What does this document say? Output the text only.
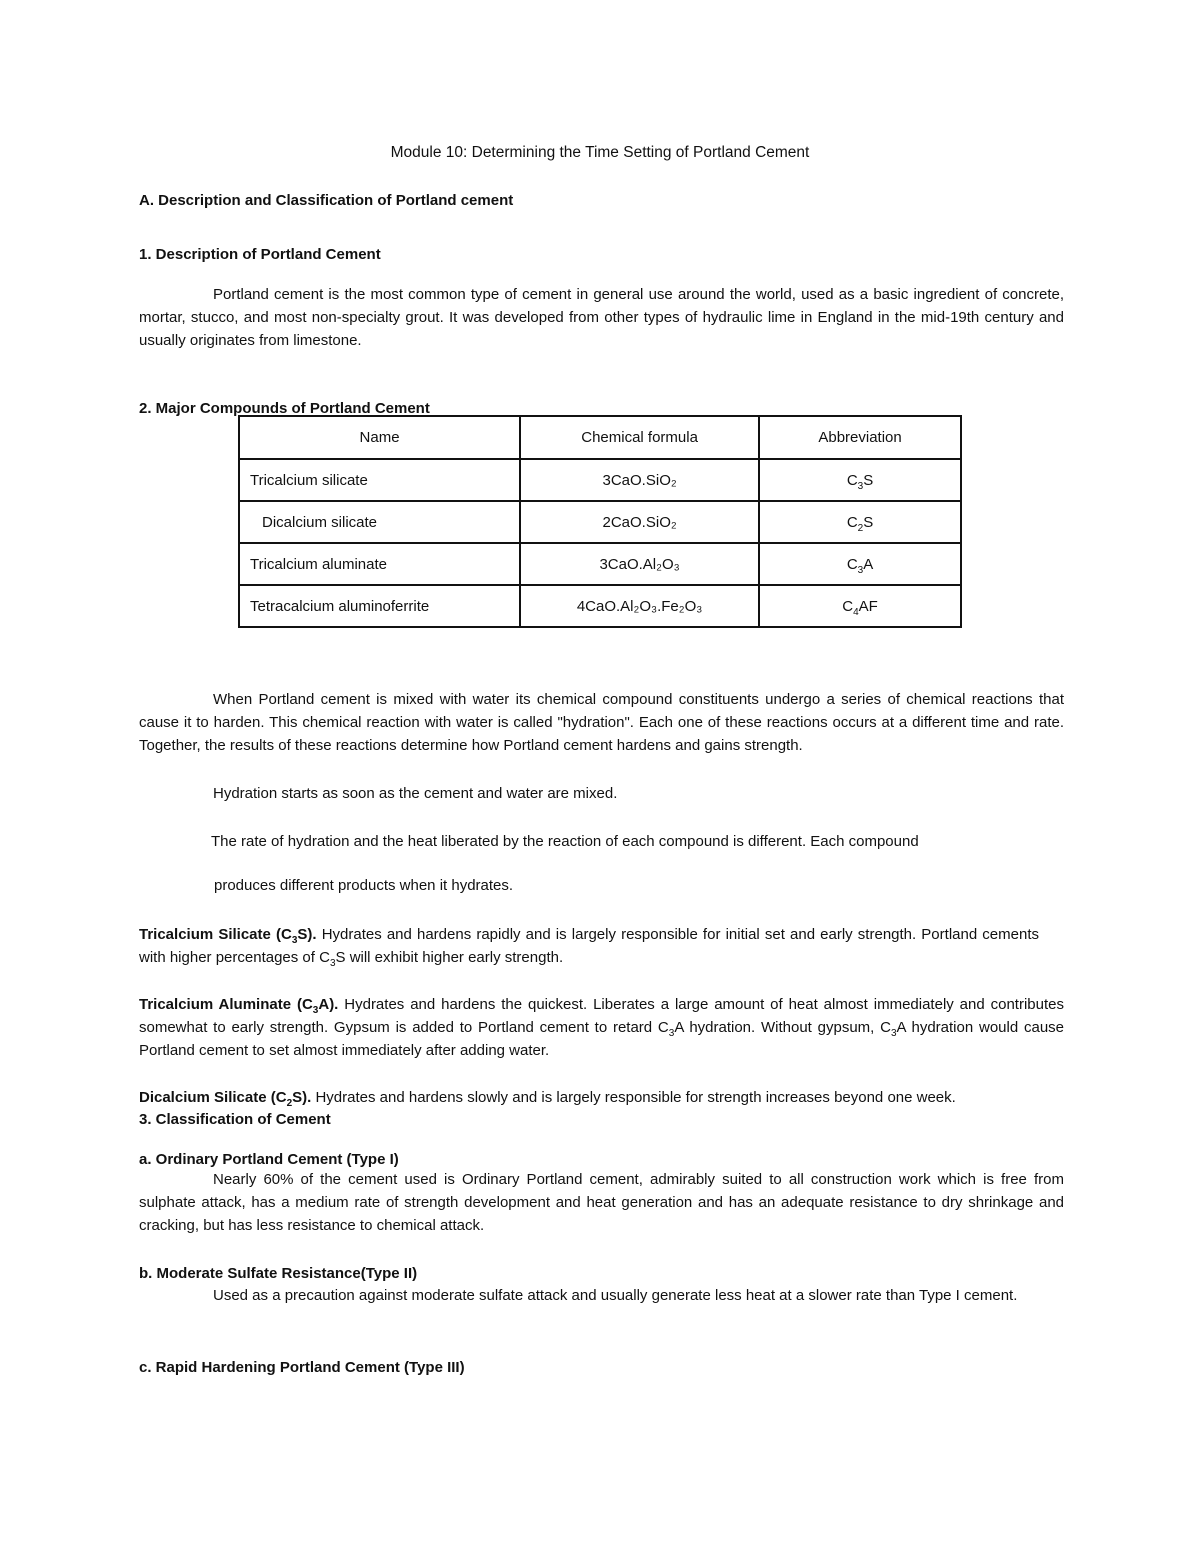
Module 10: Determining the Time Setting of Portland Cement
A. Description and Classification of Portland cement
1. Description of Portland Cement
Portland cement is the most common type of cement in general use around the world, used as a basic ingredient of concrete, mortar, stucco, and most non-specialty grout. It was developed from other types of hydraulic lime in England in the mid-19th century and usually originates from limestone.
2. Major Compounds of Portland Cement
Name	Chemical formula	Abbreviation
Tricalcium silicate	3CaO.SiO₂	$C_3S$
Dicalcium silicate	2CaO.SiO₂	$C_2S$
Tricalcium aluminate	3CaO.Al₂O₃	$C_3A$
Tetracalcium aluminoferrite	4CaO.Al₂O₃.Fe₂O₃	$C_4AF$
When Portland cement is mixed with water its chemical compound constituents undergo a series of chemical reactions that cause it to harden. This chemical reaction with water is called "hydration". Each one of these reactions occurs at a different time and rate. Together, the results of these reactions determine how Portland cement hardens and gains strength.
Hydration starts as soon as the cement and water are mixed.
The rate of hydration and the heat liberated by the reaction of each compound is different. Each compound
produces different products when it hydrates.
Tricalcium Silicate $(C_3S)$. Hydrates and hardens rapidly and is largely responsible for initial set and early strength. Portland cements with higher percentages of $C_3S$ will exhibit higher early strength.
Tricalcium Aluminate $(C_3A)$. Hydrates and hardens the quickest. Liberates a large amount of heat almost immediately and contributes somewhat to early strength. Gypsum is added to Portland cement to retard $C_3A$ hydration. Without gypsum, $C_3A$ hydration would cause Portland cement to set almost immediately after adding water.
Dicalcium Silicate $(C_2S)$. Hydrates and hardens slowly and is largely responsible for strength increases beyond one week.
3. Classification of Cement
a. Ordinary Portland Cement (Type I)
Nearly 60% of the cement used is Ordinary Portland cement, admirably suited to all construction work which is free from sulphate attack, has a medium rate of strength development and heat generation and has an adequate resistance to dry shrinkage and cracking, but has less resistance to chemical attack.
b. Moderate Sulfate Resistance(Type II)
Used as a precaution against moderate sulfate attack and usually generate less heat at a slower rate than Type I cement.
c. Rapid Hardening Portland Cement (Type III)
